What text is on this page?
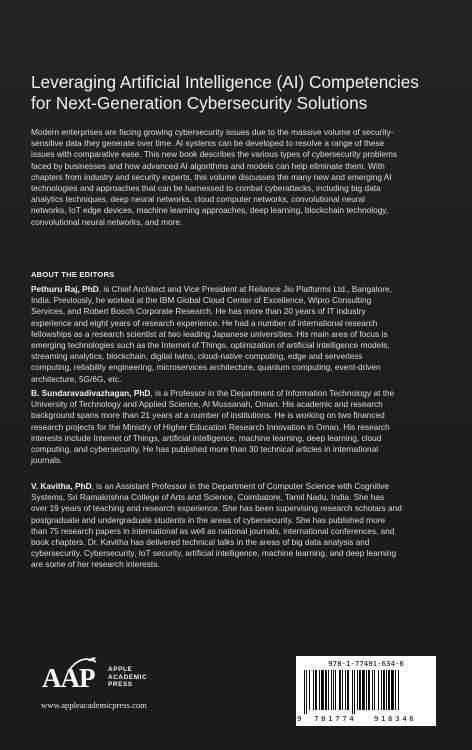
Leveraging Artificial Intelligence (AI) Competencies
for Next-Generation Cybersecurity Solutions

Modern enterprises are facing growing cybersecurity issues due to the massive volume of security-
sensitive data they generate over time. AI systems can be developed to resolve a range of these
issues with comparative ease. This new book describes the various types of cybersecurity problems
faced by businesses and how advanced AI algorithms and models can help eliminate them. With
chapters from industry and security experts, this volume discusses the many new and emerging AI
technologies and approaches that can be harnessed to combat cyberattacks, including big data
analytics techniques, deep neural networks, cloud computer networks, convolutional neural
networks, IoT edge devices, machine learning approaches, deep learning, blockchain technology,
convolutional neural networks, and more.

ABOUT THE EDITORS

Pethuru Raj, PhD, is Chief Architect and Vice President at Reliance Jio Platforms Ltd., Bangalore,
India. Previously, he worked at the IBM Global Cloud Center of Excellence, Wipro Consulting
Services, and Robert Bosch Corporate Research. He has more than 20 years of IT industry
experience and eight years of research experience. He had a number of international research
fellowships as a research scientist at two leading Japanese universities. His main area of focus is
emerging technologies such as the Internet of Things, optimization of artificial intelligence models,
streaming analytics, blockchain, digital twins, cloud-native computing, edge and serverless
computing, reliability engineering, microservices architecture, quantum computing, event-driven
architecture, 5G/6G, etc.

B. Sundaravadivazhagan, PhD, is a Professor in the Department of Information Technology at the
University of Technology and Applied Science, Al Mussanah, Oman. His academic and research
background spans more than 21 years at a number of institutions. He is working on two financed
research projects for the Ministry of Higher Education Research Innovation in Oman. His research
interests include Internet of Things, artificial intelligence, machine learning, deep learning, cloud
computing, and cybersecurity. He has published more than 30 technical articles in international
journals.

V. Kavitha, PhD, is an Assistant Professor in the Department of Computer Science with Cognitive
Systems, Sri Ramakrishna College of Arts and Science, Coimbatore, Tamil Nadu, India. She has
over 19 years of teaching and research experience. She has been supervising research scholars and
postgraduate and undergraduate students in the areas of cybersecurity. She has published more
than 75 research papers in international as well as national journals, international conferences, and
book chapters. Dr. Kavitha has delivered technical talks in the areas of big data analysis and
cybersecurity. Cybersecurity, IoT security, artificial intelligence, machine learning, and deep learning
are some of her research interests.

AAP APPLE
ACADEMIC
PRESS
www.appleacademicpress.com
978-1-77491-634-6
9 781774 916346
